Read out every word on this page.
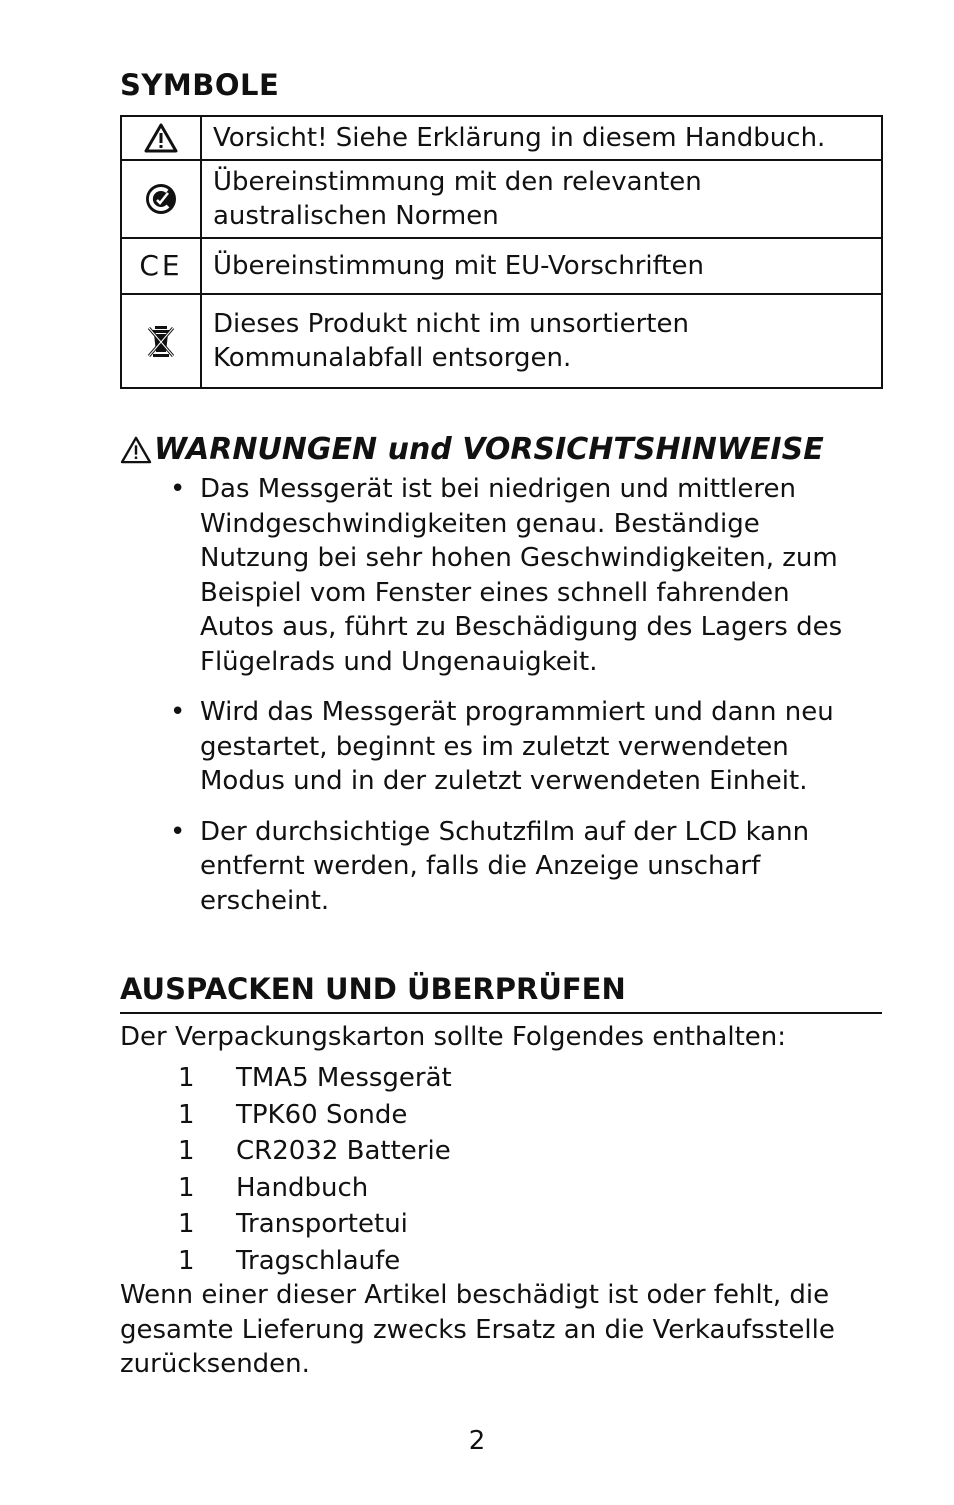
SYMBOLE
	Vorsicht! Siehe Erklärung in diesem Handbuch.

	Übereinstimmung mit den relevanten australischen Normen
CE	Übereinstimmung mit EU-Vorschriften

	Dieses Produkt nicht im unsortierten Kommunalabfall entsorgen.
WARNUNGEN und VORSICHTSHINWEISE
• Das Messgerät ist bei niedrigen und mittleren Windgeschwindigkeiten genau. Beständige Nutzung bei sehr hohen Geschwindigkeiten, zum Beispiel vom Fenster eines schnell fahrenden Autos aus, führt zu Beschädigung des Lagers des Flügelrads und Ungenauigkeit.
• Wird das Messgerät programmiert und dann neu gestartet, beginnt es im zuletzt verwendeten Modus und in der zuletzt verwendeten Einheit.
• Der durchsichtige Schutzfilm auf der LCD kann entfernt werden, falls die Anzeige unscharf erscheint.
AUSPACKEN UND ÜBERPRÜFEN
Der Verpackungskarton sollte Folgendes enthalten:
1	TMA5 Messgerät
1	TPK60 Sonde
1	CR2032 Batterie
1	Handbuch
1	Transportetui
1	Tragschlaufe
Wenn einer dieser Artikel beschädigt ist oder fehlt, die gesamte Lieferung zwecks Ersatz an die Verkaufsstelle zurücksenden.
2
